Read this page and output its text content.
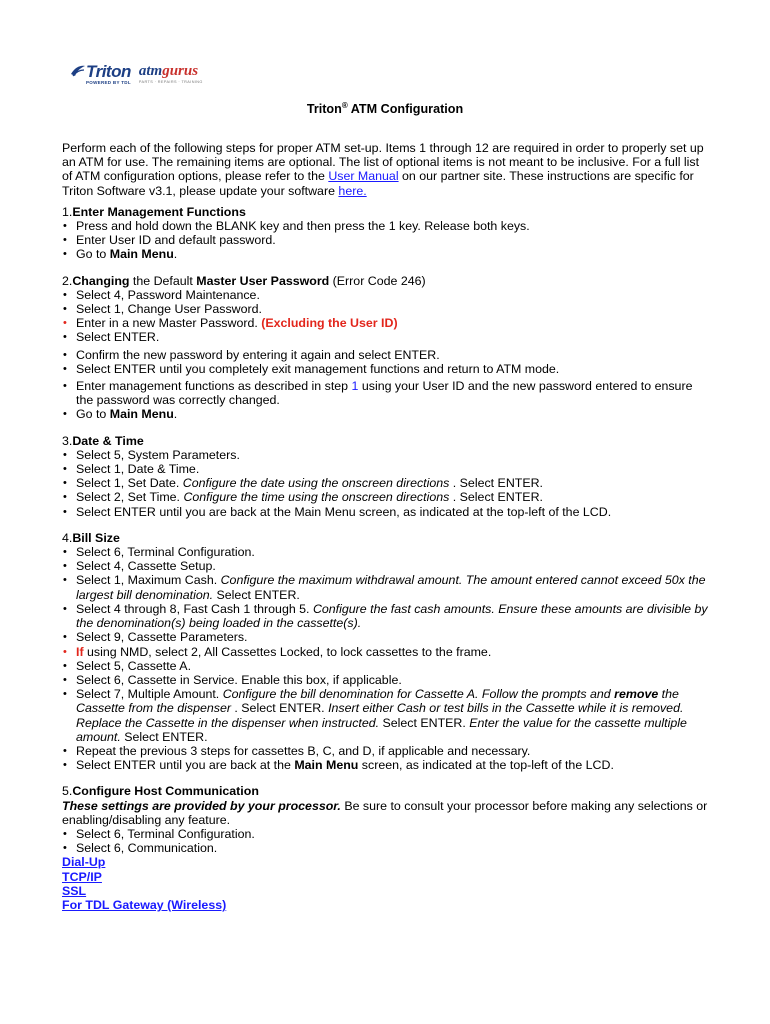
Triton
POWERED BY TDL
atmgurus
PARTS · REPAIRS · TRAINING
Triton® ATM Configuration

Perform each of the following steps for proper ATM set-up. Items 1 through 12 are required in order to properly set up an ATM for use. The remaining items are optional. The list of optional items is not meant to be inclusive. For a full list of ATM configuration options, please refer to the User Manual on our partner site. These instructions are specific for Triton Software v3.1, please update your software here.

1.Enter Management Functions

• Press and hold down the BLANK key and then press the 1 key. Release both keys.
• Enter User ID and default password.
• Go to Main Menu.

2.Changing the Default Master User Password (Error Code 246)

• Select 4, Password Maintenance.
• Select 1, Change User Password.
• Enter in a new Master Password. (Excluding the User ID)
• Select ENTER.
• Confirm the new password by entering it again and select ENTER.
• Select ENTER until you completely exit management functions and return to ATM mode.
• Enter management functions as described in step 1 using your User ID and the new password entered to ensure the password was correctly changed.
• Go to Main Menu.

3.Date & Time

• Select 5, System Parameters.
• Select 1, Date & Time.
• Select 1, Set Date. Configure the date using the onscreen directions . Select ENTER.
• Select 2, Set Time. Configure the time using the onscreen directions . Select ENTER.
• Select ENTER until you are back at the Main Menu screen, as indicated at the top-left of the LCD.

4.Bill Size

• Select 6, Terminal Configuration.
• Select 4, Cassette Setup.
• Select 1, Maximum Cash. Configure the maximum withdrawal amount. The amount entered cannot exceed 50x the largest bill denomination. Select ENTER.
• Select 4 through 8, Fast Cash 1 through 5. Configure the fast cash amounts. Ensure these amounts are divisible by the denomination(s) being loaded in the cassette(s).
• Select 9, Cassette Parameters.
• If using NMD, select 2, All Cassettes Locked, to lock cassettes to the frame.
• Select 5, Cassette A.
• Select 6, Cassette in Service. Enable this box, if applicable.
• Select 7, Multiple Amount. Configure the bill denomination for Cassette A. Follow the prompts and remove the Cassette from the dispenser . Select ENTER. Insert either Cash or test bills in the Cassette while it is removed. Replace the Cassette in the dispenser when instructed. Select ENTER. Enter the value for the cassette multiple amount. Select ENTER.
• Repeat the previous 3 steps for cassettes B, C, and D, if applicable and necessary.
• Select ENTER until you are back at the Main Menu screen, as indicated at the top-left of the LCD.

5.Configure Host Communication

These settings are provided by your processor. Be sure to consult your processor before making any selections or enabling/disabling any feature.

• Select 6, Terminal Configuration.
• Select 6, Communication.
Dial-Up
TCP/IP
SSL
For TDL Gateway (Wireless)
